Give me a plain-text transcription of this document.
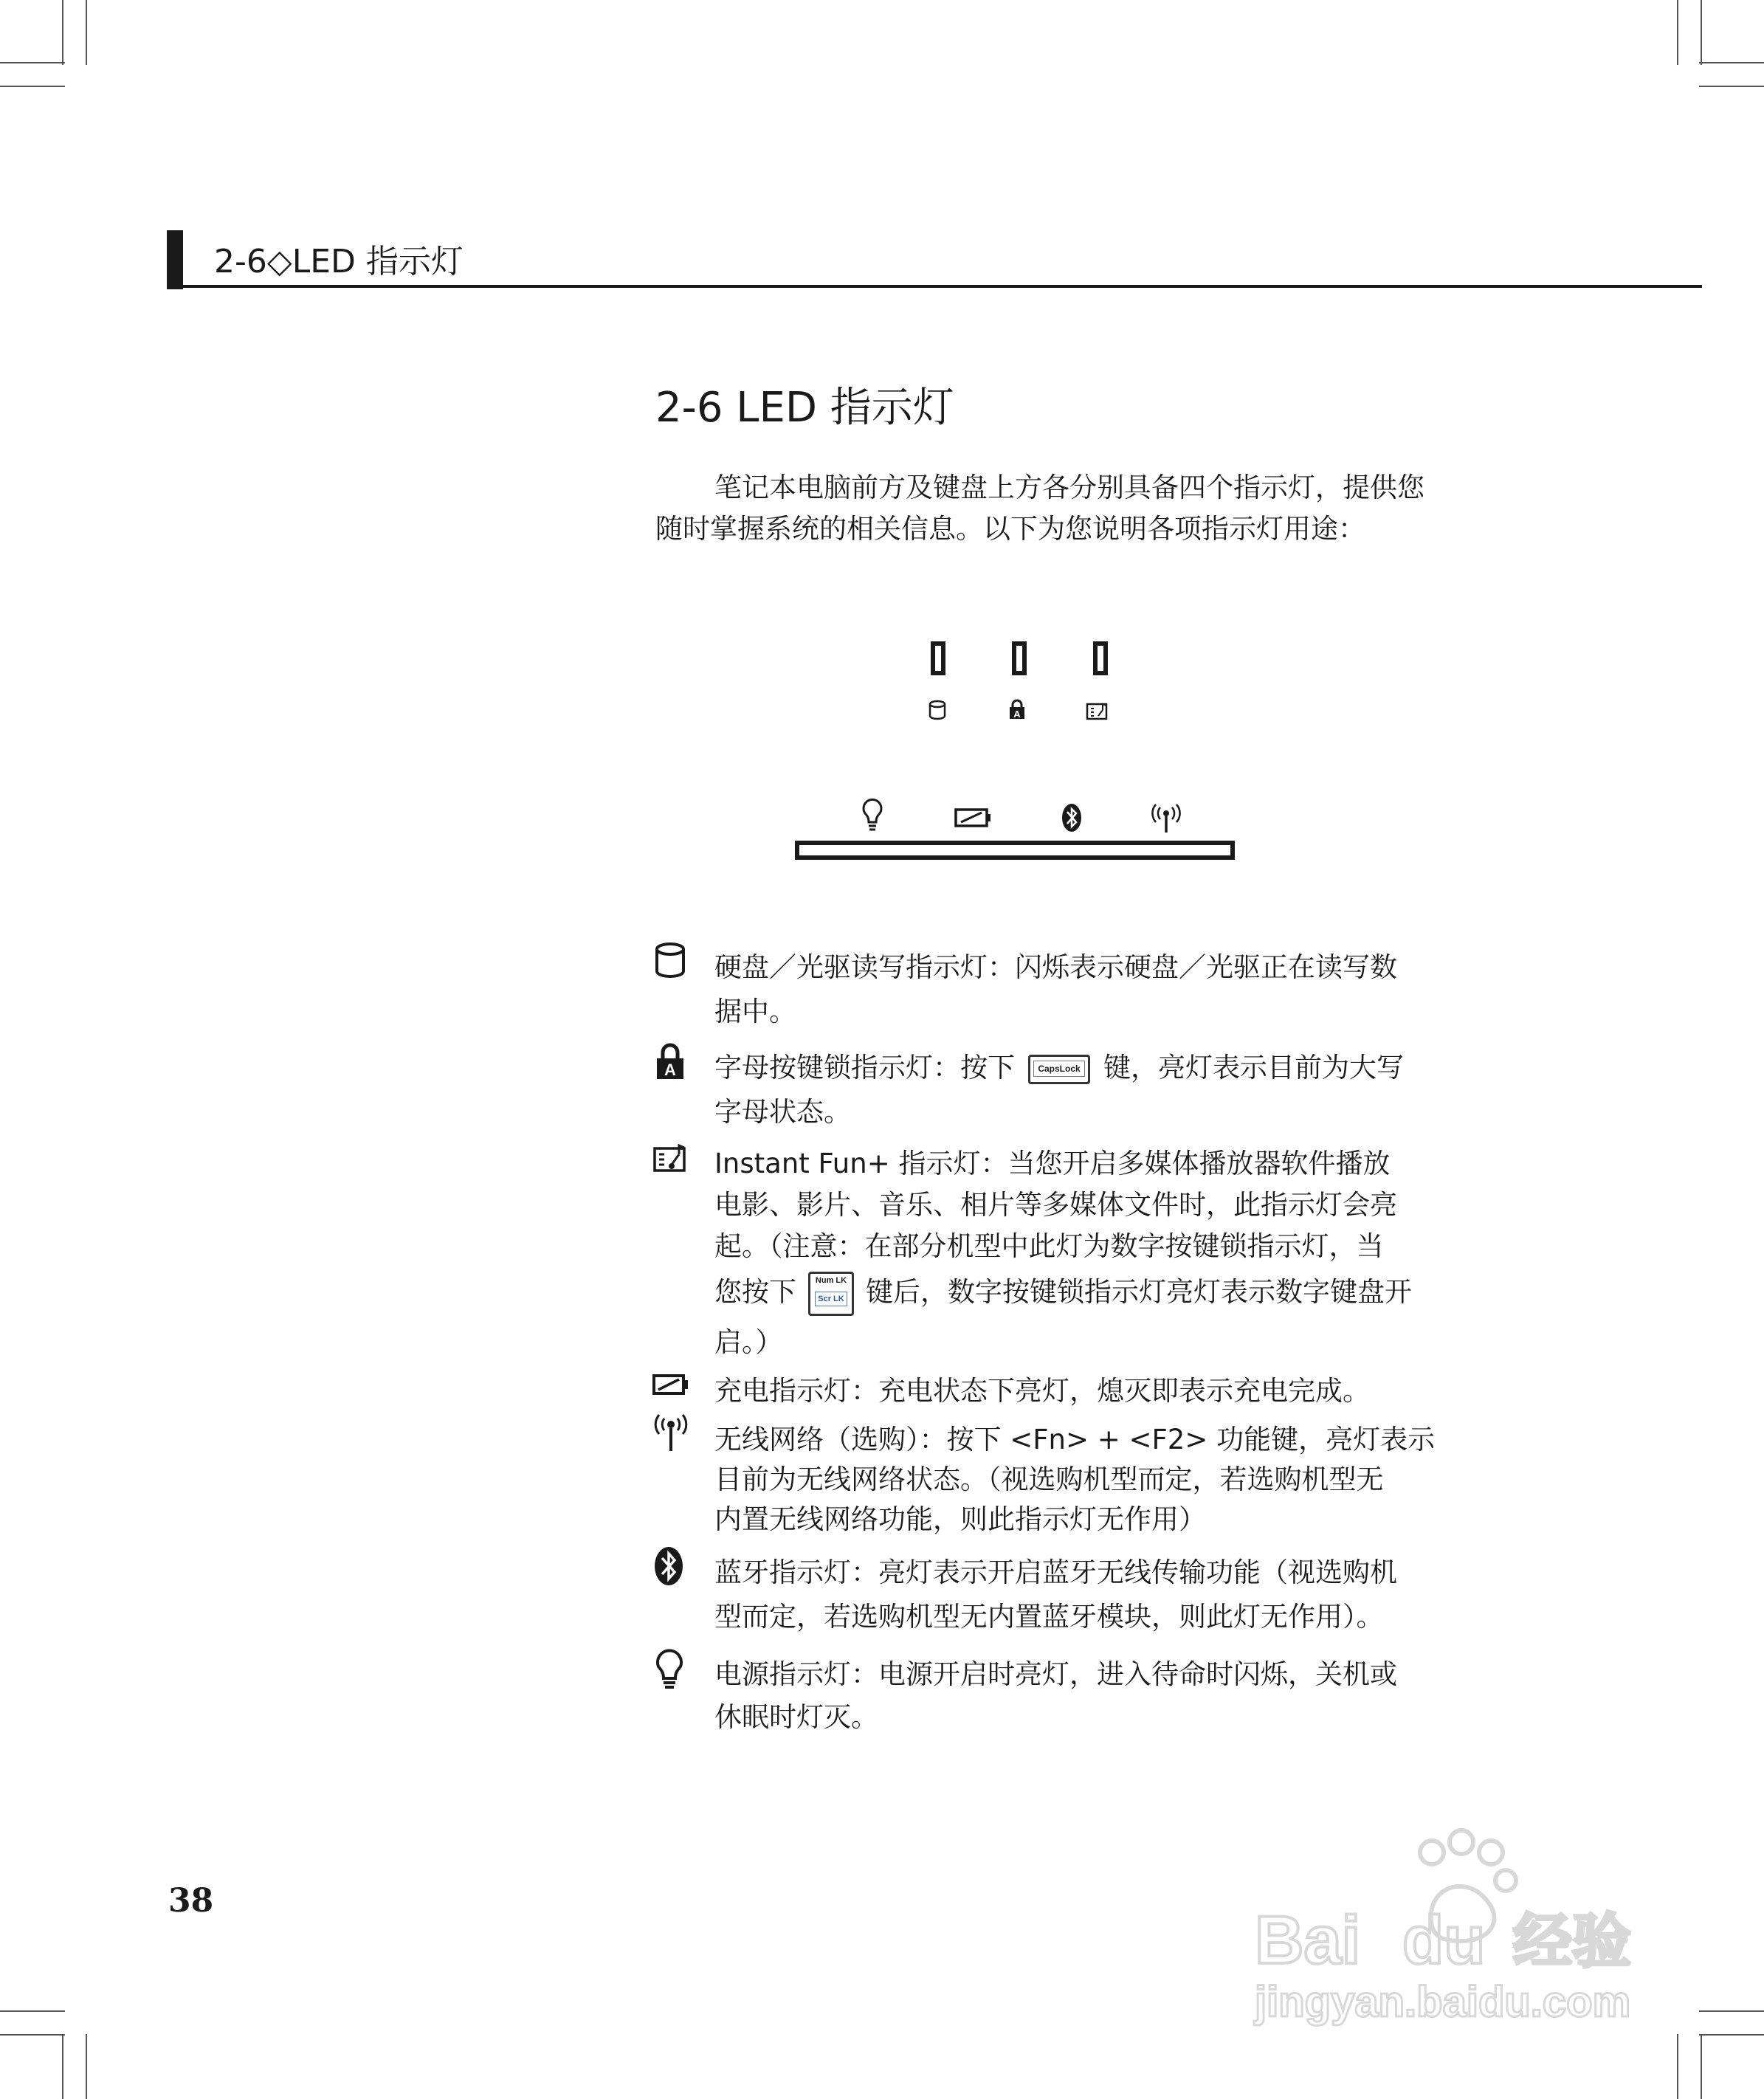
2-6◇LED 指示灯
2-6 LED 指示灯
笔记本电脑前方及键盘上方各分别具备四个指示灯，提供您
随时掌握系统的相关信息。以下为您说明各项指示灯用途：
A
A
硬盘／光驱读写指示灯：闪烁表示硬盘／光驱正在读写数
据中。
字母按键锁指示灯：按下	CapsLock 键，亮灯表示目前为大写
字母状态。
Instant Fun+ 指示灯：当您开启多媒体播放器软件播放
电影、影片、音乐、相片等多媒体文件时，此指示灯会亮
起。（注意：在部分机型中此灯为数字按键锁指示灯，当
您按下	Num LK
Scr LK 键后，数字按键锁指示灯亮灯表示数字键盘开
启。）
充电指示灯：充电状态下亮灯，熄灭即表示充电完成。
无线网络（选购）：按下 <Fn> + <F2> 功能键，亮灯表示
目前为无线网络状态。（视选购机型而定，若选购机型无
内置无线网络功能，则此指示灯无作用）
蓝牙指示灯：亮灯表示开启蓝牙无线传输功能（视选购机
型而定，若选购机型无内置蓝牙模块，则此灯无作用）。
电源指示灯：电源开启时亮灯，进入待命时闪烁，关机或
休眠时灯灭。
38
Bai du 经验
jingyan.baidu.com
